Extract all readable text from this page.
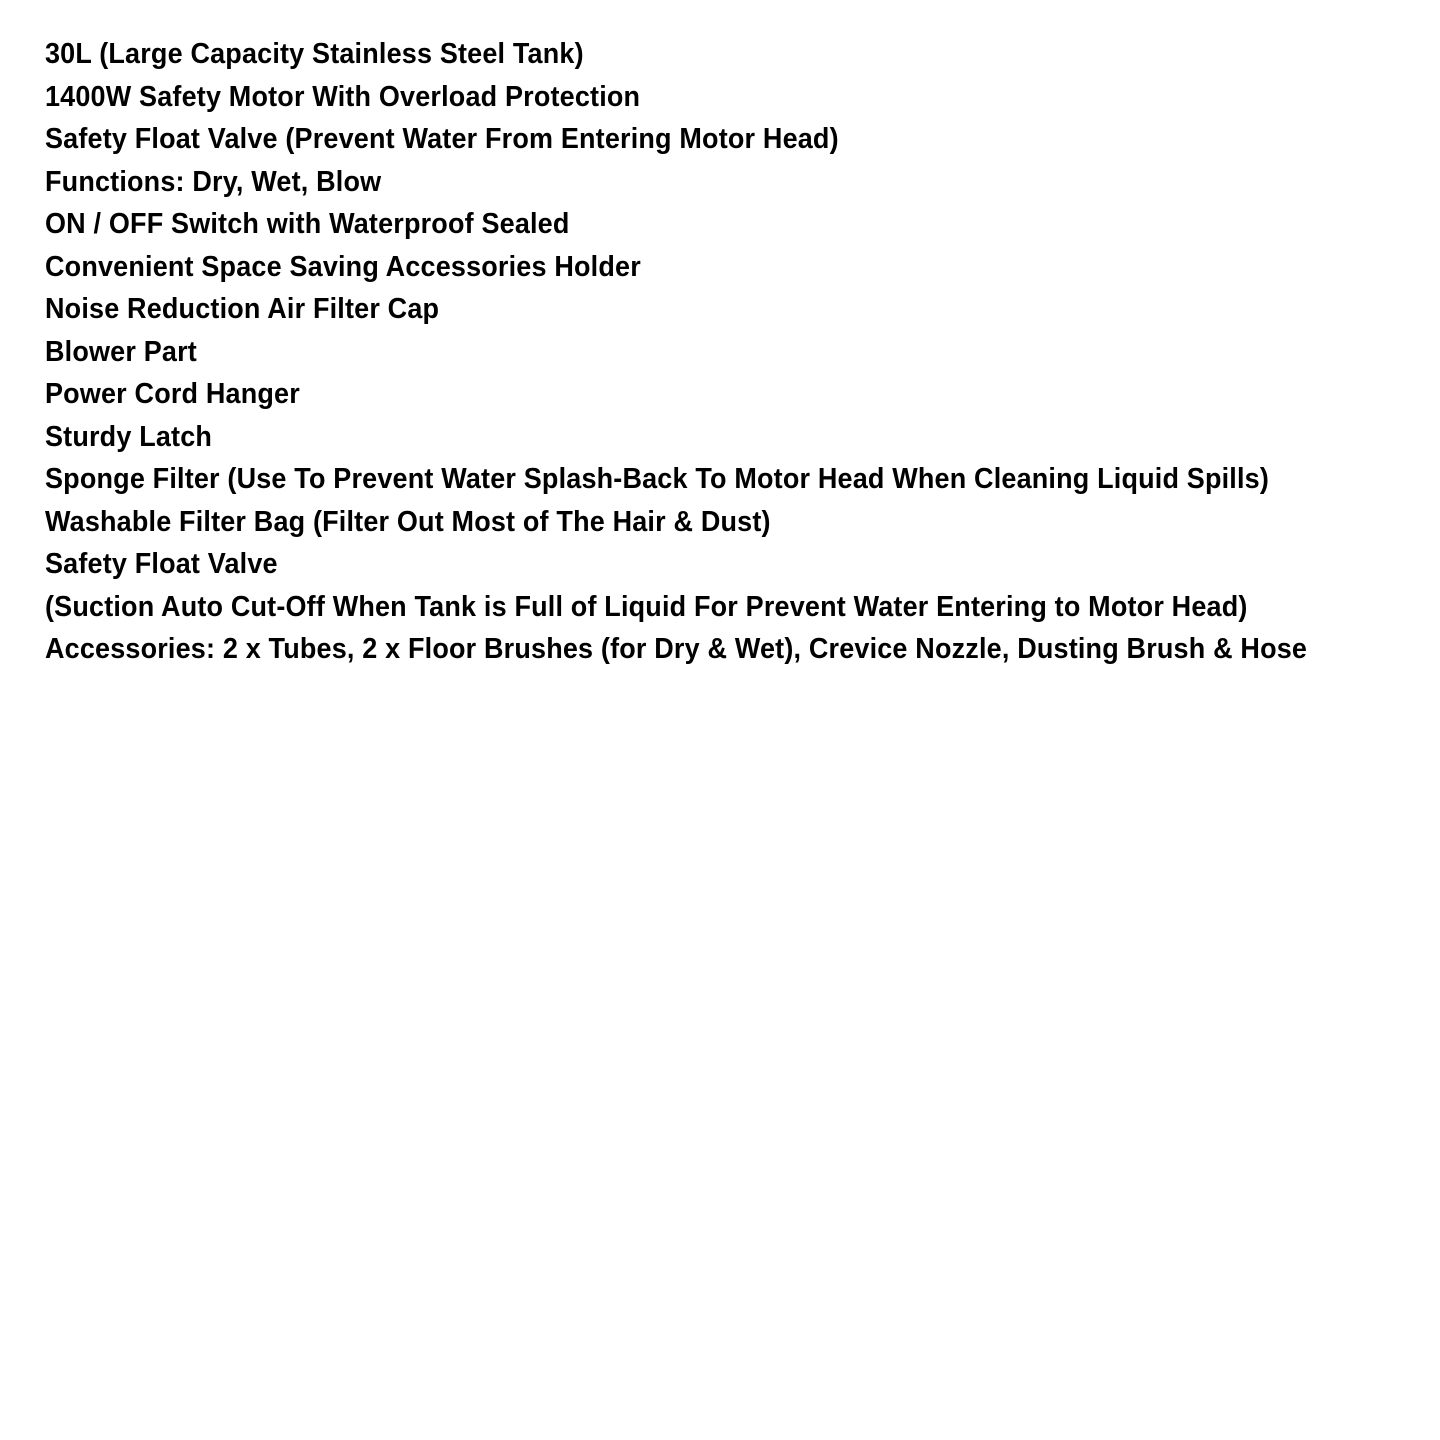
30L (Large Capacity Stainless Steel Tank)
1400W Safety Motor With Overload Protection
Safety Float Valve (Prevent Water From Entering Motor Head)
Functions: Dry, Wet, Blow
ON / OFF Switch with Waterproof Sealed
Convenient Space Saving Accessories Holder
Noise Reduction Air Filter Cap
Blower Part
Power Cord Hanger
Sturdy Latch
Sponge Filter (Use To Prevent Water Splash-Back To Motor Head When Cleaning Liquid Spills)
Washable Filter Bag (Filter Out Most of The Hair & Dust)
Safety Float Valve
(Suction Auto Cut-Off When Tank is Full of Liquid For Prevent Water Entering to Motor Head)
Accessories: 2 x Tubes, 2 x Floor Brushes (for Dry & Wet), Crevice Nozzle, Dusting Brush & Hose
